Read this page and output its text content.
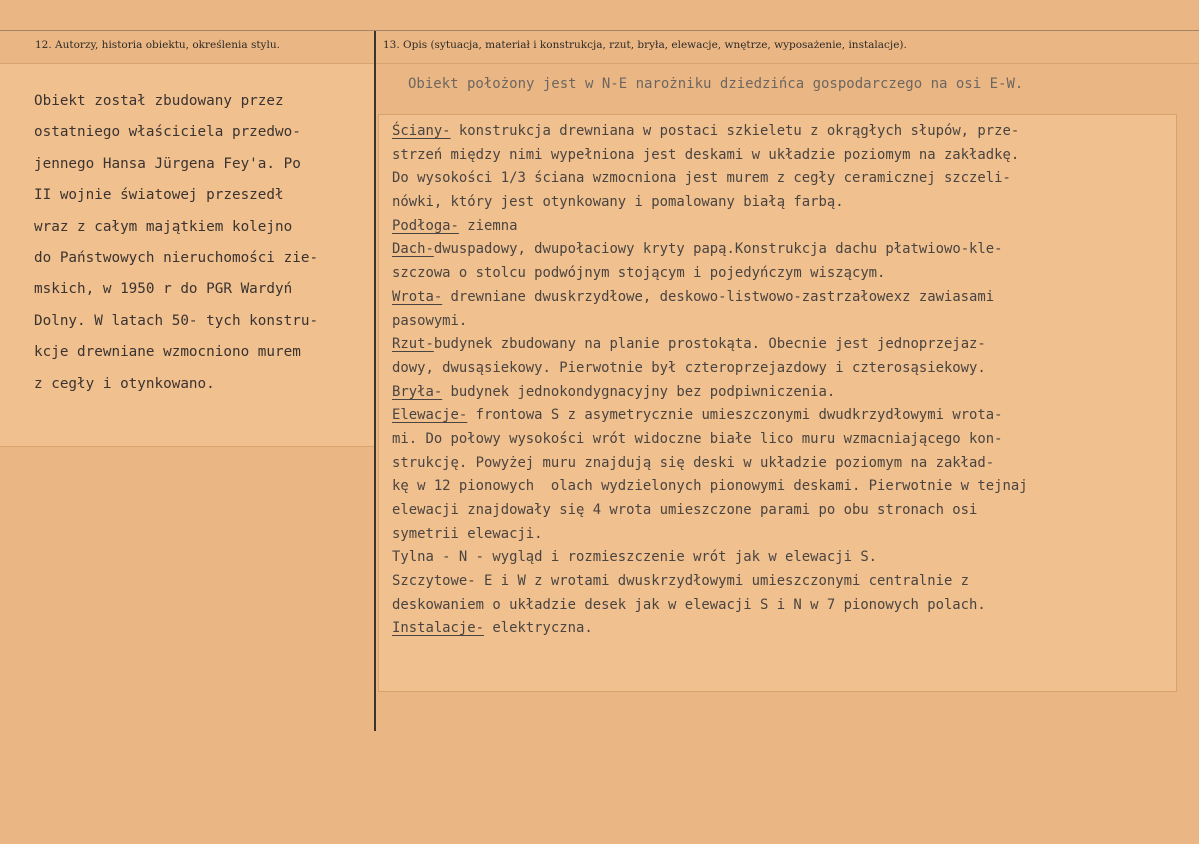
12. Autorzy, historia obiektu, określenia stylu.	13. Opis (sytuacja, materiał i konstrukcja, rzut, bryła, elewacje, wnętrze, wyposażenie, instalacje).
Obiekt został zbudowany przez
ostatniego właściciela przedwo-
jennego Hansa Jürgena Fey'a. Po
II wojnie światowej przeszedł
wraz z całym majątkiem kolejno
do Państwowych nieruchomości zie-
mskich, w 1950 r do PGR Wardyń
Dolny. W latach 50- tych konstru-
kcje drewniane wzmocniono murem
z cegły i otynkowano.
Obiekt położony jest w N-E narożniku dziedzińca gospodarczego na osi E-W.
Ściany- konstrukcja drewniana w postaci szkieletu z okrągłych słupów, prze-
strzeń między nimi wypełniona jest deskami w układzie poziomym na zakładkę.
Do wysokości 1/3 ściana wzmocniona jest murem z cegły ceramicznej szczeli-
nówki, który jest otynkowany i pomalowany białą farbą.
Podłoga- ziemna
Dach-dwuspadowy, dwupołaciowy kryty papą.Konstrukcja dachu płatwiowo-kle-
szczowa o stolcu podwójnym stojącym i pojedyńczym wiszącym.
Wrota- drewniane dwuskrzydłowe, deskowo-listwowo-zastrzałowexz zawiasami
pasowymi.
Rzut-budynek zbudowany na planie prostokąta. Obecnie jest jednoprzejaz-
dowy, dwusąsiekowy. Pierwotnie był czteroprzejazdowy i czterosąsiekowy.
Bryła- budynek jednokondygnacyjny bez podpiwniczenia.
Elewacje- frontowa S z asymetrycznie umieszczonymi dwudkrzydłowymi wrota-
mi. Do połowy wysokości wrót widoczne białe lico muru wzmacniającego kon-
strukcję. Powyżej muru znajdują się deski w układzie poziomym na zakład-
kę w 12 pionowych  olach wydzielonych pionowymi deskami. Pierwotnie w tejnaj
elewacji znajdowały się 4 wrota umieszczone parami po obu stronach osi
symetrii elewacji.
Tylna - N - wygląd i rozmieszczenie wrót jak w elewacji S.
Szczytowe- E i W z wrotami dwuskrzydłowymi umieszczonymi centralnie z
deskowaniem o układzie desek jak w elewacji S i N w 7 pionowych polach.
Instalacje- elektryczna.
